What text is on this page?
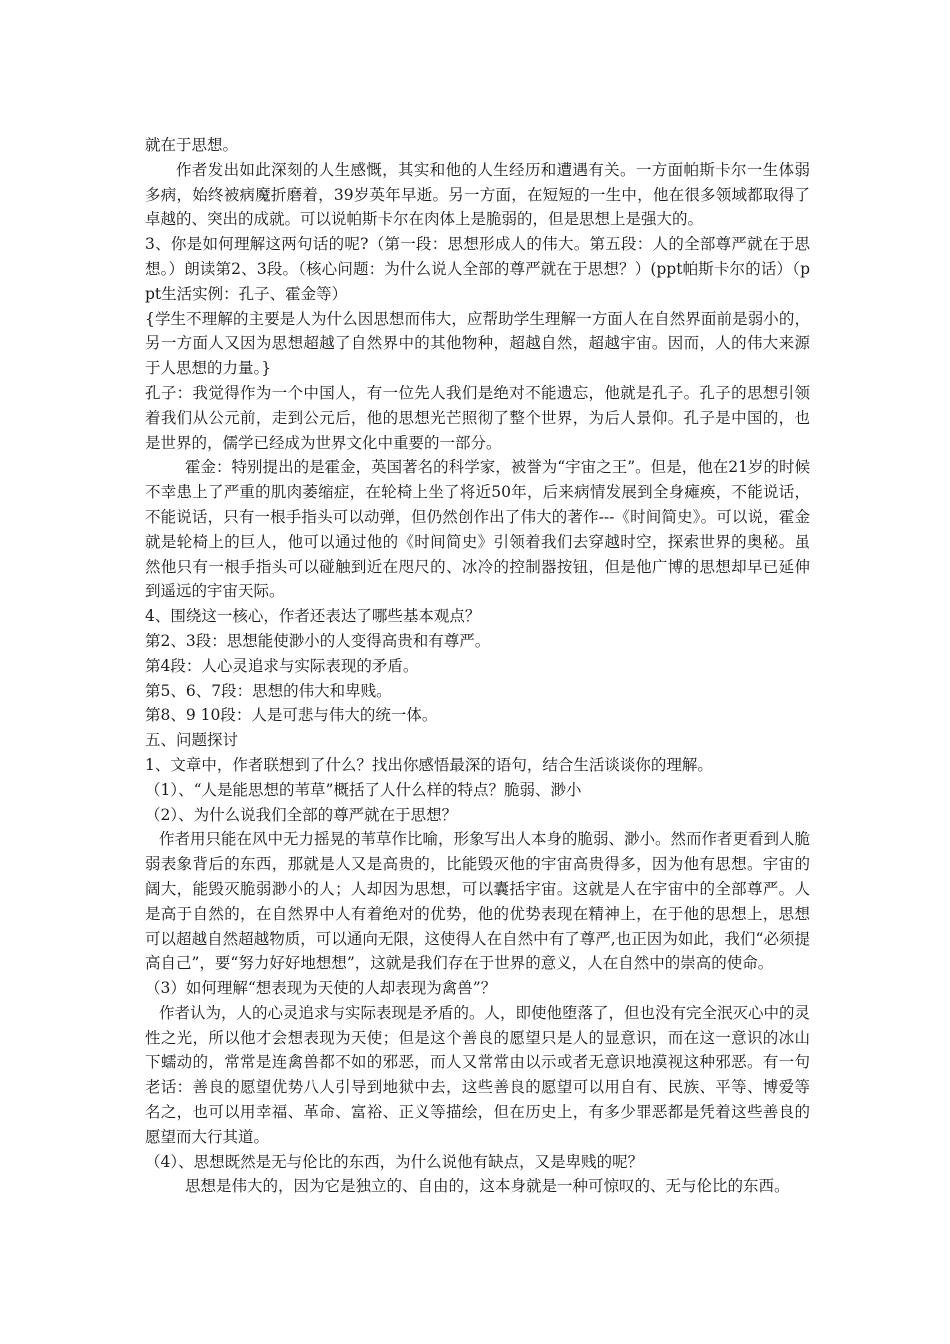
就在于思想。

作者发出如此深刻的人生感慨，其实和他的人生经历和遭遇有关。一方面帕斯卡尔一生体弱多病，始终被病魔折磨着，39岁英年早逝。另一方面，在短短的一生中，他在很多领域都取得了卓越的、突出的成就。可以说帕斯卡尔在肉体上是脆弱的，但是思想上是强大的。

3、你是如何理解这两句话的呢?（第一段：思想形成人的伟大。第五段：人的全部尊严就在于思想。）朗读第2、3段。（核心问题：为什么说人全部的尊严就在于思想？）(ppt帕斯卡尔的话）（ppt生活实例：孔子、霍金等）

{学生不理解的主要是人为什么因思想而伟大，应帮助学生理解一方面人在自然界面前是弱小的，另一方面人又因为思想超越了自然界中的其他物种，超越自然，超越宇宙。因而，人的伟大来源于人思想的力量。}

孔子：我觉得作为一个中国人，有一位先人我们是绝对不能遗忘，他就是孔子。孔子的思想引领着我们从公元前，走到公元后，他的思想光芒照彻了整个世界，为后人景仰。孔子是中国的，也是世界的，儒学已经成为世界文化中重要的一部分。

霍金：特别提出的是霍金，英国著名的科学家，被誉为“宇宙之王”。但是，他在21岁的时候不幸患上了严重的肌肉萎缩症，在轮椅上坐了将近50年，后来病情发展到全身瘫痪，不能说话，不能说话，只有一根手指头可以动弹，但仍然创作出了伟大的著作---《时间简史》。可以说，霍金就是轮椅上的巨人，他可以通过他的《时间简史》引领着我们去穿越时空，探索世界的奥秘。虽然他只有一根手指头可以碰触到近在咫尺的、冰冷的控制器按钮，但是他广博的思想却早已延伸到遥远的宇宙天际。

4、围绕这一核心，作者还表达了哪些基本观点？

第2、3段：思想能使渺小的人变得高贵和有尊严。

第4段：人心灵追求与实际表现的矛盾。

第5、6、7段：思想的伟大和卑贱。

第8、9 10段：人是可悲与伟大的统一体。

五、问题探讨

1、文章中，作者联想到了什么？找出你感悟最深的语句，结合生活谈谈你的理解。

（1）、“人是能思想的苇草”概括了人什么样的特点？脆弱、渺小

（2）、为什么说我们全部的尊严就在于思想？

作者用只能在风中无力摇晃的苇草作比喻，形象写出人本身的脆弱、渺小。然而作者更看到人脆弱表象背后的东西，那就是人又是高贵的，比能毁灭他的宇宙高贵得多，因为他有思想。宇宙的阔大，能毁灭脆弱渺小的人；人却因为思想，可以囊括宇宙。这就是人在宇宙中的全部尊严。人是高于自然的，在自然界中人有着绝对的优势，他的优势表现在精神上，在于他的思想上，思想可以超越自然超越物质，可以通向无限，这使得人在自然中有了尊严,也正因为如此，我们“必须提高自己”，要“努力好好地想想”，这就是我们存在于世界的意义，人在自然中的崇高的使命。

（3）如何理解“想表现为天使的人却表现为禽兽”？

作者认为，人的心灵追求与实际表现是矛盾的。人，即使他堕落了，但也没有完全泯灭心中的灵性之光，所以他才会想表现为天使；但是这个善良的愿望只是人的显意识，而在这一意识的冰山下蠕动的，常常是连禽兽都不如的邪恶，而人又常常由以示或者无意识地漠视这种邪恶。有一句老话：善良的愿望优势八人引导到地狱中去，这些善良的愿望可以用自有、民族、平等、博爱等名之，也可以用幸福、革命、富裕、正义等描绘，但在历史上，有多少罪恶都是凭着这些善良的愿望而大行其道。

（4）、思想既然是无与伦比的东西，为什么说他有缺点，又是卑贱的呢？

思想是伟大的，因为它是独立的、自由的，这本身就是一种可惊叹的、无与伦比的东西。
